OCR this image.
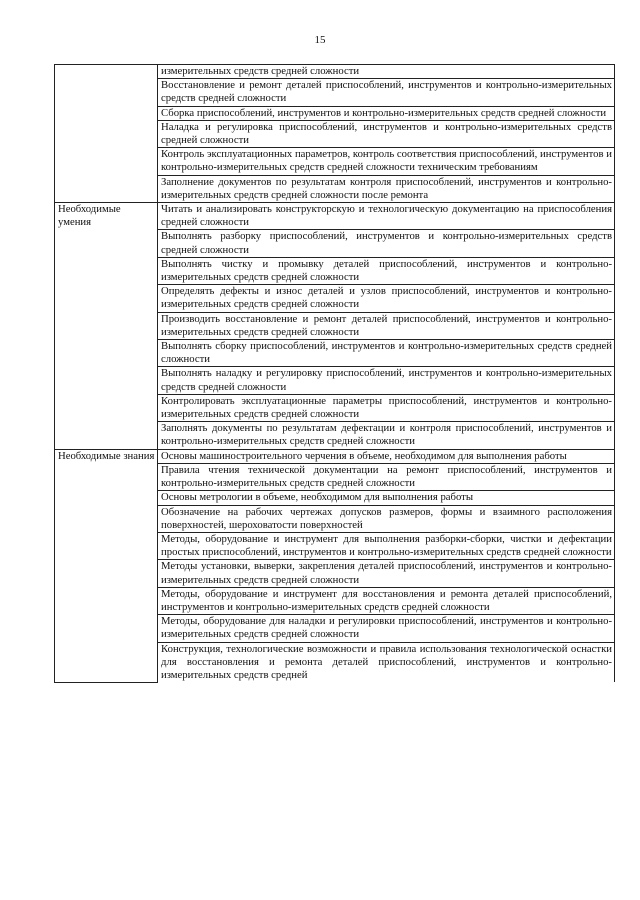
15
	измерительных средств средней сложности
	Восстановление и ремонт деталей приспособлений, инструментов и контрольно-измерительных средств средней сложности
	Сборка приспособлений, инструментов и контрольно-измерительных средств средней сложности
	Наладка и регулировка приспособлений, инструментов и контрольно-измерительных средств средней сложности
	Контроль эксплуатационных параметров, контроль соответствия приспособлений, инструментов и контрольно-измерительных средств средней сложности техническим требованиям
	Заполнение документов по результатам контроля приспособлений, инструментов и контрольно-измерительных средств средней сложности после ремонта
Необходимые умения	Читать и анализировать конструкторскую и технологическую документацию на приспособления средней сложности
	Выполнять разборку приспособлений, инструментов и контрольно-измерительных средств средней сложности
	Выполнять чистку и промывку деталей приспособлений, инструментов и контрольно-измерительных средств средней сложности
	Определять дефекты и износ деталей и узлов приспособлений, инструментов и контрольно-измерительных средств средней сложности
	Производить восстановление и ремонт деталей приспособлений, инструментов и контрольно-измерительных средств средней сложности
	Выполнять сборку приспособлений, инструментов и контрольно-измерительных средств средней сложности
	Выполнять наладку и регулировку приспособлений, инструментов и контрольно-измерительных средств средней сложности
	Контролировать эксплуатационные параметры приспособлений, инструментов и контрольно-измерительных средств средней сложности
	Заполнять документы по результатам дефектации и контроля приспособлений, инструментов и контрольно-измерительных средств средней сложности
Необходимые знания	Основы машиностроительного черчения в объеме, необходимом для выполнения работы
	Правила чтения технической документации на ремонт приспособлений, инструментов и контрольно-измерительных средств средней сложности
	Основы метрологии в объеме, необходимом для выполнения работы
	Обозначение на рабочих чертежах допусков размеров, формы и взаимного расположения поверхностей, шероховатости поверхностей
	Методы, оборудование и инструмент для выполнения разборки-сборки, чистки и дефектации простых приспособлений, инструментов и контрольно-измерительных средств средней сложности
	Методы установки, выверки, закрепления деталей приспособлений, инструментов и контрольно-измерительных средств средней сложности
	Методы, оборудование и инструмент для восстановления и ремонта деталей приспособлений, инструментов и контрольно-измерительных средств средней сложности
	Методы, оборудование для наладки и регулировки приспособлений, инструментов и контрольно-измерительных средств средней сложности
	Конструкция, технологические возможности и правила использования технологической оснастки для восстановления и ремонта деталей приспособлений, инструментов и контрольно-измерительных средств средней
